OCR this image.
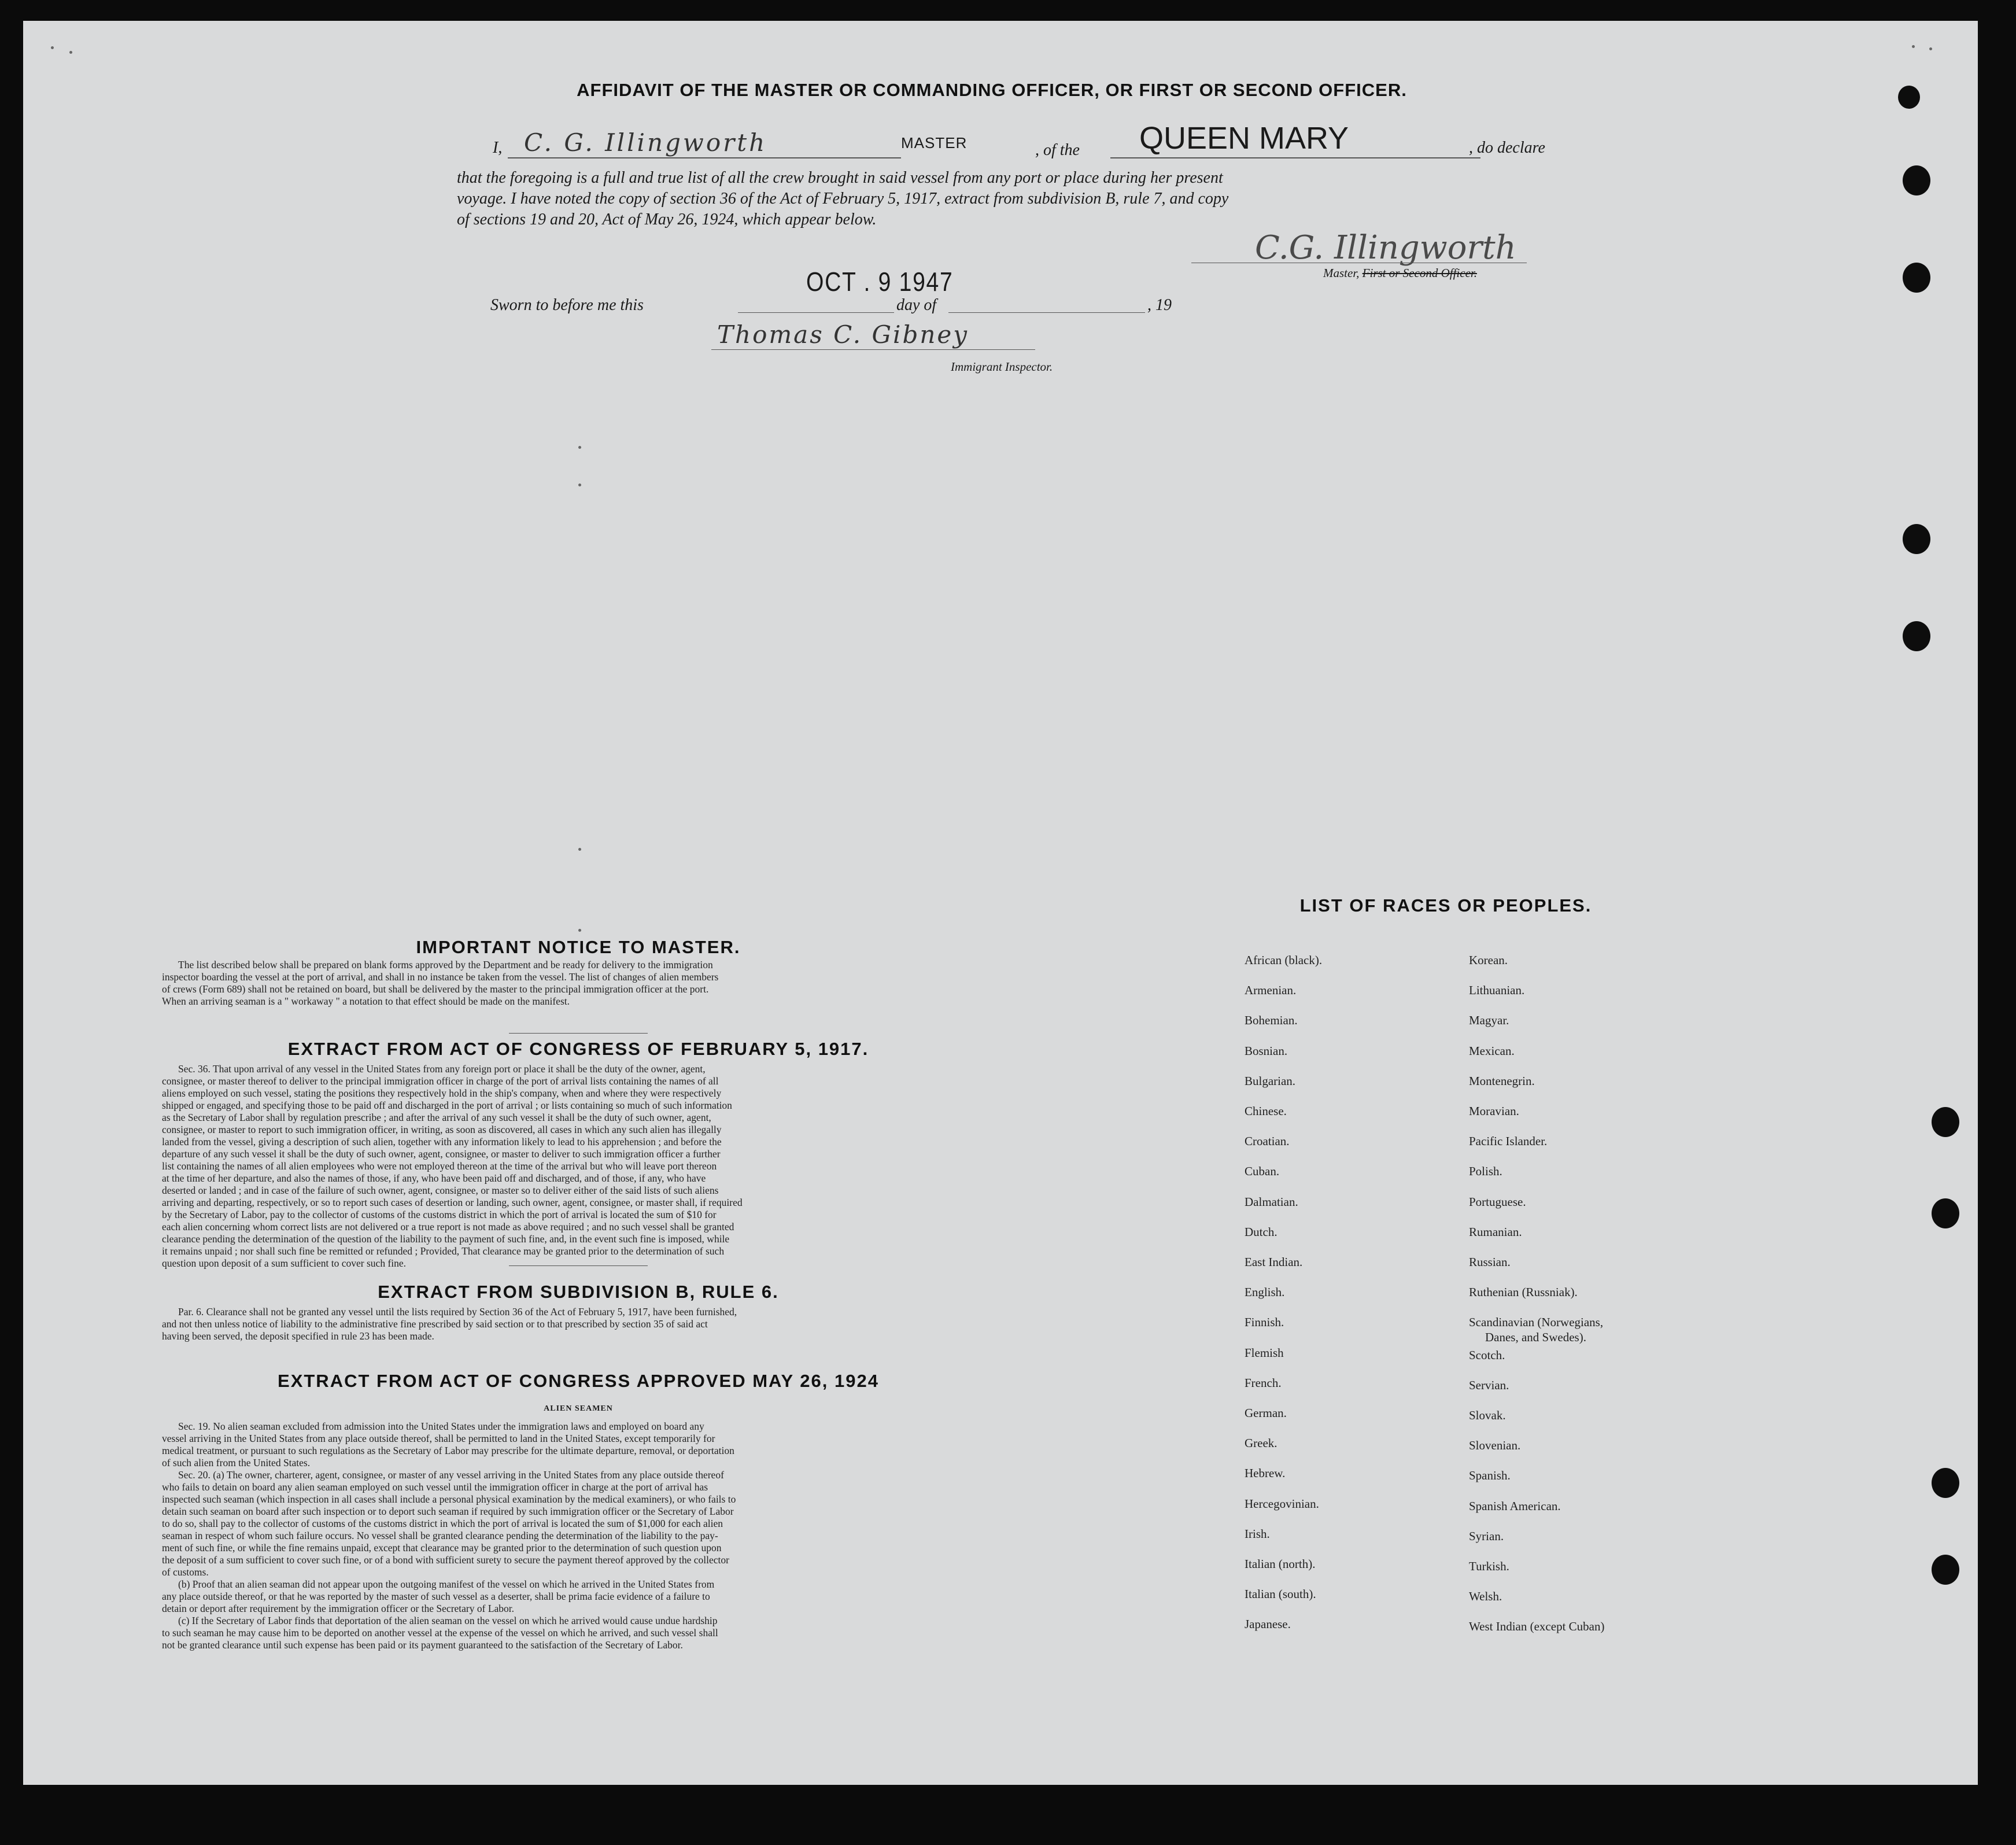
AFFIDAVIT OF THE MASTER OR COMMANDING OFFICER, OR FIRST OR SECOND OFFICER.
I, C. G. Illingworth	MASTER	, of the QUEEN MARY	, do declare
that the foregoing is a full and true list of all the crew brought in said vessel from any port or place during her present
voyage. I have noted the copy of section 36 of the Act of February 5, 1917, extract from subdivision B, rule 7, and copy
of sections 19 and 20, Act of May 26, 1924, which appear below.
C.G. Illingworth
Master, First or Second Officer.
OCT . 9 1947
Sworn to before me this	day of	, 19
Thomas C. Gibney
Immigrant Inspector.
IMPORTANT NOTICE TO MASTER.
The list described below shall be prepared on blank forms approved by the Department and be ready for delivery to the immigration
inspector boarding the vessel at the port of arrival, and shall in no instance be taken from the vessel. The list of changes of alien members
of crews (Form 689) shall not be retained on board, but shall be delivered by the master to the principal immigration officer at the port.
When an arriving seaman is a " workaway " a notation to that effect should be made on the manifest.
EXTRACT FROM ACT OF CONGRESS OF FEBRUARY 5, 1917.
Sec. 36. That upon arrival of any vessel in the United States from any foreign port or place it shall be the duty of the owner, agent,
consignee, or master thereof to deliver to the principal immigration officer in charge of the port of arrival lists containing the names of all
aliens employed on such vessel, stating the positions they respectively hold in the ship's company, when and where they were respectively
shipped or engaged, and specifying those to be paid off and discharged in the port of arrival ; or lists containing so much of such information
as the Secretary of Labor shall by regulation prescribe ; and after the arrival of any such vessel it shall be the duty of such owner, agent,
consignee, or master to report to such immigration officer, in writing, as soon as discovered, all cases in which any such alien has illegally
landed from the vessel, giving a description of such alien, together with any information likely to lead to his apprehension ; and before the
departure of any such vessel it shall be the duty of such owner, agent, consignee, or master to deliver to such immigration officer a further
list containing the names of all alien employees who were not employed thereon at the time of the arrival but who will leave port thereon
at the time of her departure, and also the names of those, if any, who have been paid off and discharged, and of those, if any, who have
deserted or landed ; and in case of the failure of such owner, agent, consignee, or master so to deliver either of the said lists of such aliens
arriving and departing, respectively, or so to report such cases of desertion or landing, such owner, agent, consignee, or master shall, if required
by the Secretary of Labor, pay to the collector of customs of the customs district in which the port of arrival is located the sum of $10 for
each alien concerning whom correct lists are not delivered or a true report is not made as above required ; and no such vessel shall be granted
clearance pending the determination of the question of the liability to the payment of such fine, and, in the event such fine is imposed, while
it remains unpaid ; nor shall such fine be remitted or refunded ; Provided, That clearance may be granted prior to the determination of such
question upon deposit of a sum sufficient to cover such fine.
EXTRACT FROM SUBDIVISION B, RULE 6.
Par. 6. Clearance shall not be granted any vessel until the lists required by Section 36 of the Act of February 5, 1917, have been furnished,
and not then unless notice of liability to the administrative fine prescribed by said section or to that prescribed by section 35 of said act
having been served, the deposit specified in rule 23 has been made.
EXTRACT FROM ACT OF CONGRESS APPROVED MAY 26, 1924
ALIEN SEAMEN
Sec. 19. No alien seaman excluded from admission into the United States under the immigration laws and employed on board any
vessel arriving in the United States from any place outside thereof, shall be permitted to land in the United States, except temporarily for
medical treatment, or pursuant to such regulations as the Secretary of Labor may prescribe for the ultimate departure, removal, or deportation
of such alien from the United States.
Sec. 20. (a) The owner, charterer, agent, consignee, or master of any vessel arriving in the United States from any place outside thereof
who fails to detain on board any alien seaman employed on such vessel until the immigration officer in charge at the port of arrival has
inspected such seaman (which inspection in all cases shall include a personal physical examination by the medical examiners), or who fails to
detain such seaman on board after such inspection or to deport such seaman if required by such immigration officer or the Secretary of Labor
to do so, shall pay to the collector of customs of the customs district in which the port of arrival is located the sum of $1,000 for each alien
seaman in respect of whom such failure occurs. No vessel shall be granted clearance pending the determination of the liability to the pay-
ment of such fine, or while the fine remains unpaid, except that clearance may be granted prior to the determination of such question upon
the deposit of a sum sufficient to cover such fine, or of a bond with sufficient surety to secure the payment thereof approved by the collector
of customs.
(b) Proof that an alien seaman did not appear upon the outgoing manifest of the vessel on which he arrived in the United States from
any place outside thereof, or that he was reported by the master of such vessel as a deserter, shall be prima facie evidence of a failure to
detain or deport after requirement by the immigration officer or the Secretary of Labor.
(c) If the Secretary of Labor finds that deportation of the alien seaman on the vessel on which he arrived would cause undue hardship
to such seaman he may cause him to be deported on another vessel at the expense of the vessel on which he arrived, and such vessel shall
not be granted clearance until such expense has been paid or its payment guaranteed to the satisfaction of the Secretary of Labor.
LIST OF RACES OR PEOPLES.
Danes, and Swedes).
African (black).
Armenian.
Bohemian.
Bosnian.
Bulgarian.
Chinese.
Croatian.
Cuban.
Dalmatian.
Dutch.
East Indian.
English.
Finnish.
Flemish
French.
German.
Greek.
Hebrew.
Hercegovinian.
Irish.
Italian (north).
Italian (south).
Japanese.
Korean.
Lithuanian.
Magyar.
Mexican.
Montenegrin.
Moravian.
Pacific Islander.
Polish.
Portuguese.
Rumanian.
Russian.
Ruthenian (Russniak).
Scandinavian (Norwegians,
Scotch.
Servian.
Slovak.
Slovenian.
Spanish.
Spanish American.
Syrian.
Turkish.
Welsh.
West Indian (except Cuban)
